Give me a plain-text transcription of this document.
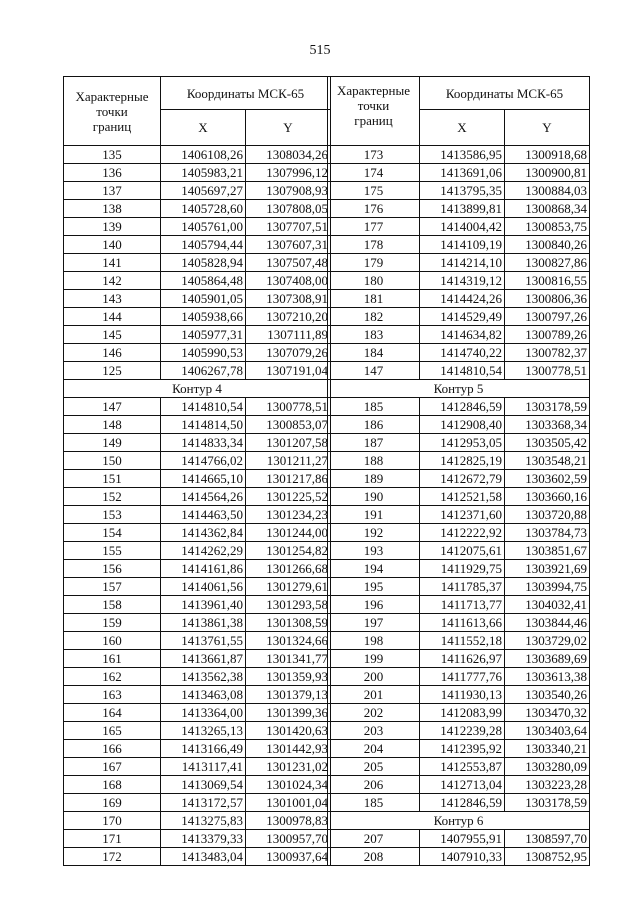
515
Характерные
точки
границ	Координаты МСК-65	
	X	Y
135	1406108,26	1308034,26
136	1405983,21	1307996,12
137	1405697,27	1307908,93
138	1405728,60	1307808,05
139	1405761,00	1307707,51
140	1405794,44	1307607,31
141	1405828,94	1307507,48
142	1405864,48	1307408,00
143	1405901,05	1307308,91
144	1405938,66	1307210,20
145	1405977,31	1307111,89
146	1405990,53	1307079,26
125	1406267,78	1307191,04
Контур 4		
147	1414810,54	1300778,51
148	1414814,50	1300853,07
149	1414833,34	1301207,58
150	1414766,02	1301211,27
151	1414665,10	1301217,86
152	1414564,26	1301225,52
153	1414463,50	1301234,23
154	1414362,84	1301244,00
155	1414262,29	1301254,82
156	1414161,86	1301266,68
157	1414061,56	1301279,61
158	1413961,40	1301293,58
159	1413861,38	1301308,59
160	1413761,55	1301324,66
161	1413661,87	1301341,77
162	1413562,38	1301359,93
163	1413463,08	1301379,13
164	1413364,00	1301399,36
165	1413265,13	1301420,63
166	1413166,49	1301442,93
167	1413117,41	1301231,02
168	1413069,54	1301024,34
169	1413172,57	1301001,04
170	1413275,83	1300978,83
171	1413379,33	1300957,70
172	1413483,04	1300937,64
Характерные
точки
границ	Координаты МСК-65	
	X	Y
173	1413586,95	1300918,68
174	1413691,06	1300900,81
175	1413795,35	1300884,03
176	1413899,81	1300868,34
177	1414004,42	1300853,75
178	1414109,19	1300840,26
179	1414214,10	1300827,86
180	1414319,12	1300816,55
181	1414424,26	1300806,36
182	1414529,49	1300797,26
183	1414634,82	1300789,26
184	1414740,22	1300782,37
147	1414810,54	1300778,51
Контур 5		
185	1412846,59	1303178,59
186	1412908,40	1303368,34
187	1412953,05	1303505,42
188	1412825,19	1303548,21
189	1412672,79	1303602,59
190	1412521,58	1303660,16
191	1412371,60	1303720,88
192	1412222,92	1303784,73
193	1412075,61	1303851,67
194	1411929,75	1303921,69
195	1411785,37	1303994,75
196	1411713,77	1304032,41
197	1411613,66	1303844,46
198	1411552,18	1303729,02
199	1411626,97	1303689,69
200	1411777,76	1303613,38
201	1411930,13	1303540,26
202	1412083,99	1303470,32
203	1412239,28	1303403,64
204	1412395,92	1303340,21
205	1412553,87	1303280,09
206	1412713,04	1303223,28
185	1412846,59	1303178,59
Контур 6		
207	1407955,91	1308597,70
208	1407910,33	1308752,95
